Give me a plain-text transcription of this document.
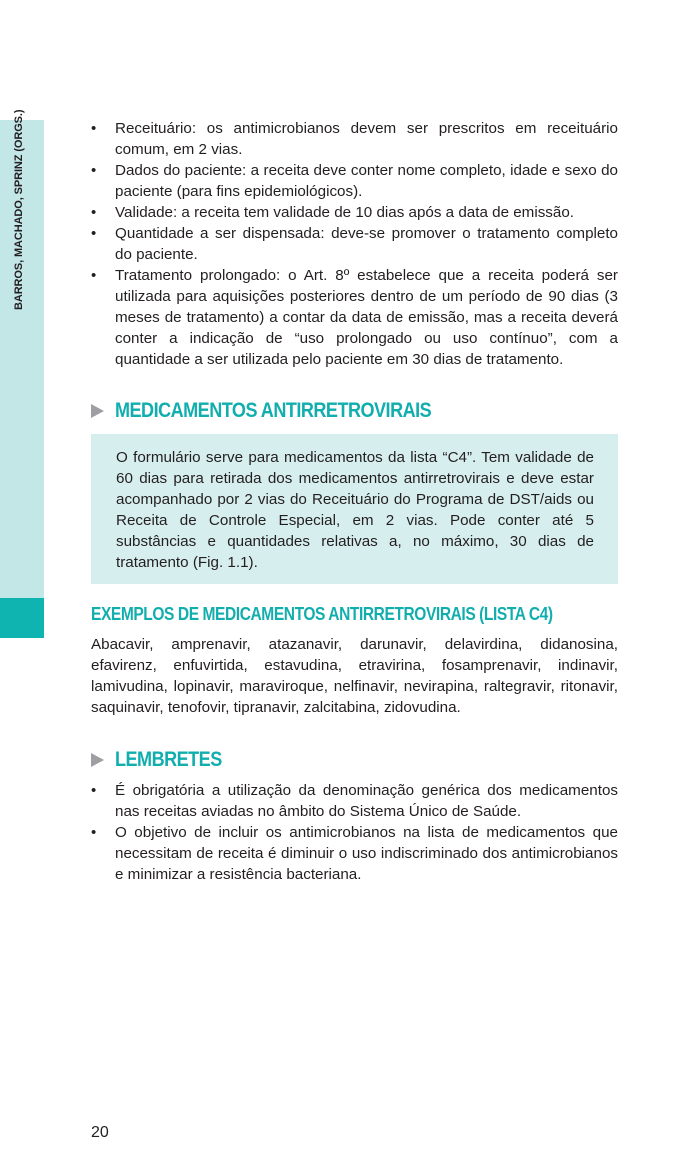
BARROS, MACHADO, SPRINZ (ORGS.)	• Receituário: os antimicrobianos devem ser prescritos em receituário comum, em 2 vias.
• Dados do paciente: a receita deve conter nome completo, idade e sexo do paciente (para fins epidemiológicos).
• Validade: a receita tem validade de 10 dias após a data de emissão.
• Quantidade a ser dispensada: deve-se promover o tratamento completo do paciente.
• Tratamento prolongado: o Art. 8º estabelece que a receita poderá ser utilizada para aquisições posteriores dentro de um período de 90 dias (3 meses de tratamento) a contar da data de emissão, mas a receita deverá conter a indicação de “uso prolongado ou uso contínuo”, com a quantidade a ser utilizada pelo paciente em 30 dias de tratamento.
MEDICAMENTOS ANTIRRETROVIRAIS

O formulário serve para medicamentos da lista “C4”. Tem validade de 60 dias para retirada dos medicamentos antirretrovirais e deve estar acompanhado por 2 vias do Receituário do Programa de DST/aids ou Receita de Controle Especial, em 2 vias. Pode conter até 5 substâncias e quantidades relativas a, no máximo, 30 dias de tratamento (Fig. 1.1).

EXEMPLOS DE MEDICAMENTOS ANTIRRETROVIRAIS (LISTA C4)

Abacavir, amprenavir, atazanavir, darunavir, delavirdina, didanosina, efavirenz, enfuvirtida, estavudina, etravirina, fosamprenavir, indinavir, lamivudina, lopinavir, maraviroque, nelfinavir, nevirapina, raltegravir, ritonavir, saquinavir, tenofovir, tipranavir, zalcitabina, zidovudina.

LEMBRETES
• É obrigatória a utilização da denominação genérica dos medicamentos nas receitas aviadas no âmbito do Sistema Único de Saúde.
• O objetivo de incluir os antimicrobianos na lista de medicamentos que necessitam de receita é diminuir o uso indiscriminado dos antimicrobianos e minimizar a resistência bacteriana.
20
